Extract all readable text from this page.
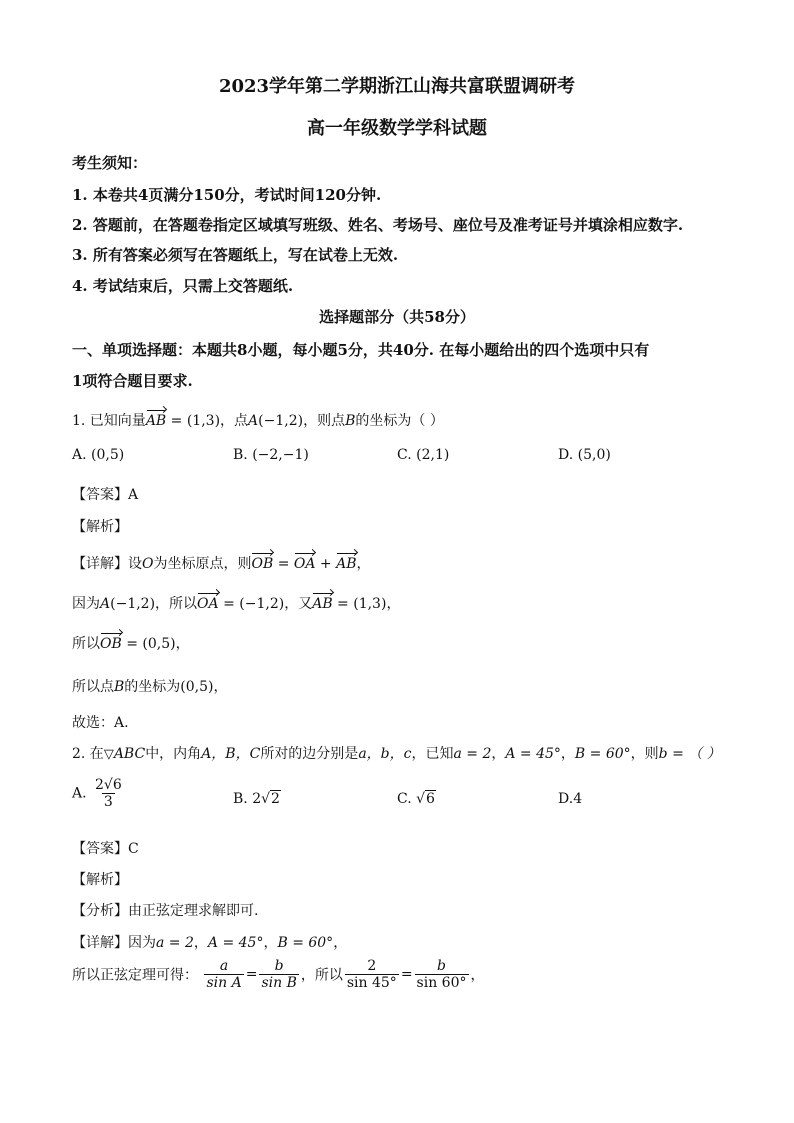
2023学年第二学期浙江山海共富联盟调研考
高一年级数学学科试题
考生须知：
1. 本卷共4页满分150分，考试时间120分钟.
2. 答题前，在答题卷指定区域填写班级、姓名、考场号、座位号及准考证号并填涂相应数字.
3. 所有答案必须写在答题纸上，写在试卷上无效.
4. 考试结束后，只需上交答题纸.
选择题部分（共58分）
一、单项选择题：本题共8小题，每小题5分，共40分. 在每小题给出的四个选项中只有
1项符合题目要求.
1. 已知向量AB = (1,3)，点A(−1,2)，则点B的坐标为（ ）
A. (0,5)	B. (−2,−1)	C. (2,1)	D. (5,0)
【答案】A
【解析】
【详解】设O为坐标原点，则OB = OA + AB，
因为A(−1,2)，所以OA = (−1,2)，又AB = (1,3)，
所以OB = (0,5)，
所以点B的坐标为(0,5)，
故选：A.
2. 在▽ABC中，内角A，B，C所对的边分别是a，b，c，已知a = 2，A = 45°，B = 60°，则b = （ ）
A. $\frac{2√6}{3}$	B. 2√2	C. √6	D.4
【答案】C
【解析】
【分析】由正弦定理求解即可.
【详解】因为a = 2，A = 45°，B = 60°，
所以正弦定理可得： $\frac{a}{\text{sin A}} = \frac{b}{\text{sin B}}$ ，所以 $\frac{2}{\sin 45^\circ} = \frac{b}{\sin 60^\circ}$ ，
